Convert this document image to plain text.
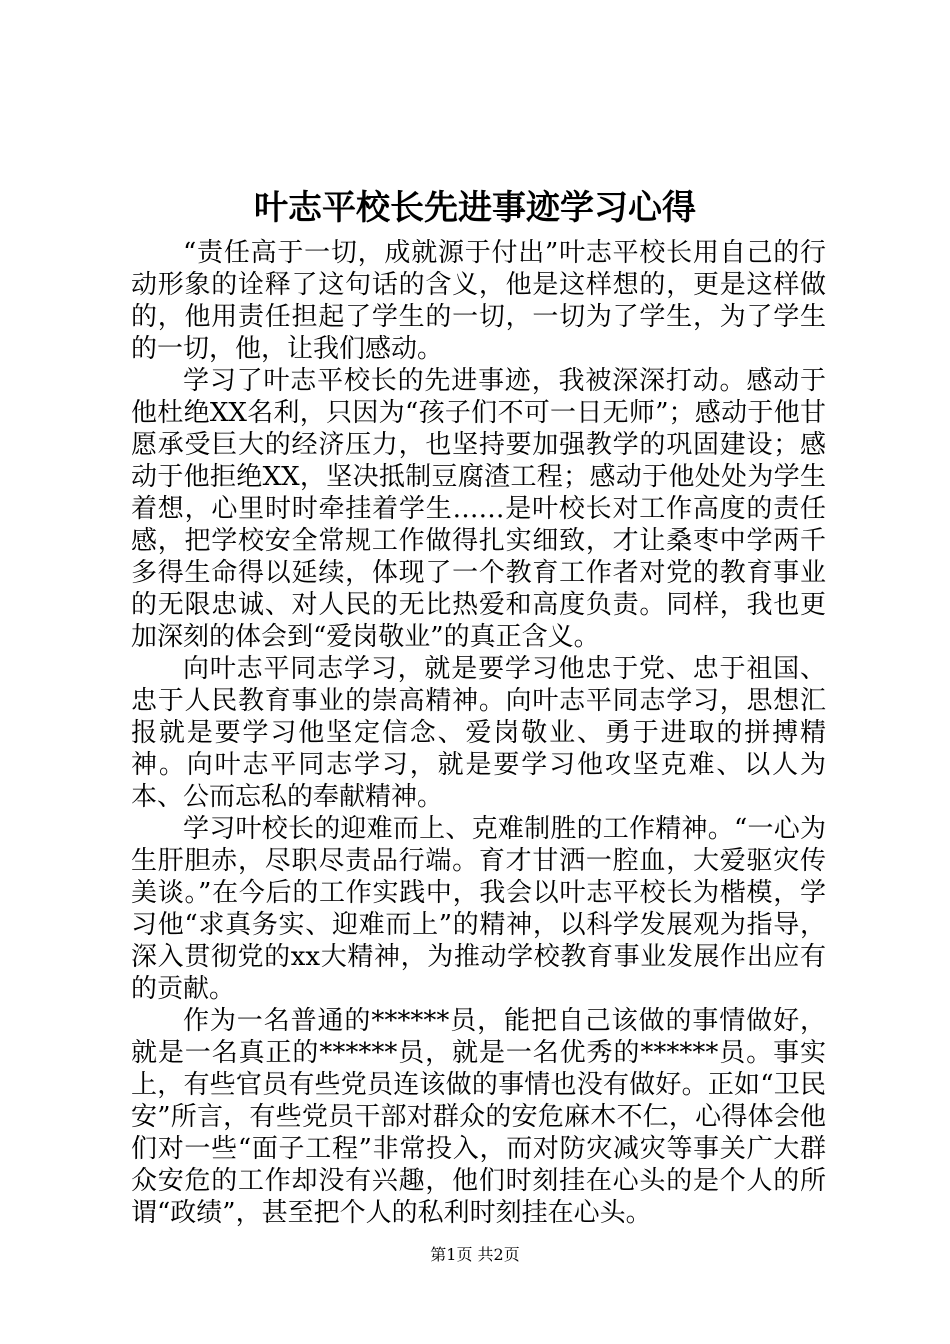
叶志平校长先进事迹学习心得

“责任高于一切，成就源于付出”叶志平校长用自己的行动形象的诠释了这句话的含义，他是这样想的，更是这样做的，他用责任担起了学生的一切，一切为了学生，为了学生的一切，他，让我们感动。

学习了叶志平校长的先进事迹，我被深深打动。感动于他杜绝XX名利，只因为“孩子们不可一日无师”；感动于他甘愿承受巨大的经济压力，也坚持要加强教学的巩固建设；感动于他拒绝XX，坚决抵制豆腐渣工程；感动于他处处为学生着想，心里时时牵挂着学生……是叶校长对工作高度的责任感，把学校安全常规工作做得扎实细致，才让桑枣中学两千多得生命得以延续，体现了一个教育工作者对党的教育事业的无限忠诚、对人民的无比热爱和高度负责。同样，我也更加深刻的体会到“爱岗敬业”的真正含义。

向叶志平同志学习，就是要学习他忠于党、忠于祖国、忠于人民教育事业的崇高精神。向叶志平同志学习，思想汇报就是要学习他坚定信念、爱岗敬业、勇于进取的拼搏精神。向叶志平同志学习，就是要学习他攻坚克难、以人为本、公而忘私的奉献精神。

学习叶校长的迎难而上、克难制胜的工作精神。“一心为生肝胆赤，尽职尽责品行端。育才甘洒一腔血，大爱驱灾传美谈。”在今后的工作实践中，我会以叶志平校长为楷模，学习他“求真务实、迎难而上”的精神，以科学发展观为指导，深入贯彻党的xx大精神，为推动学校教育事业发展作出应有的贡献。

作为一名普通的******员，能把自己该做的事情做好，就是一名真正的******员，就是一名优秀的******员。事实上，有些官员有些党员连该做的事情也没有做好。正如“卫民安”所言，有些党员干部对群众的安危麻木不仁，心得体会他们对一些“面子工程”非常投入，而对防灾减灾等事关广大群众安危的工作却没有兴趣，他们时刻挂在心头的是个人的所谓“政绩”，甚至把个人的私利时刻挂在心头。

第1页 共2页
